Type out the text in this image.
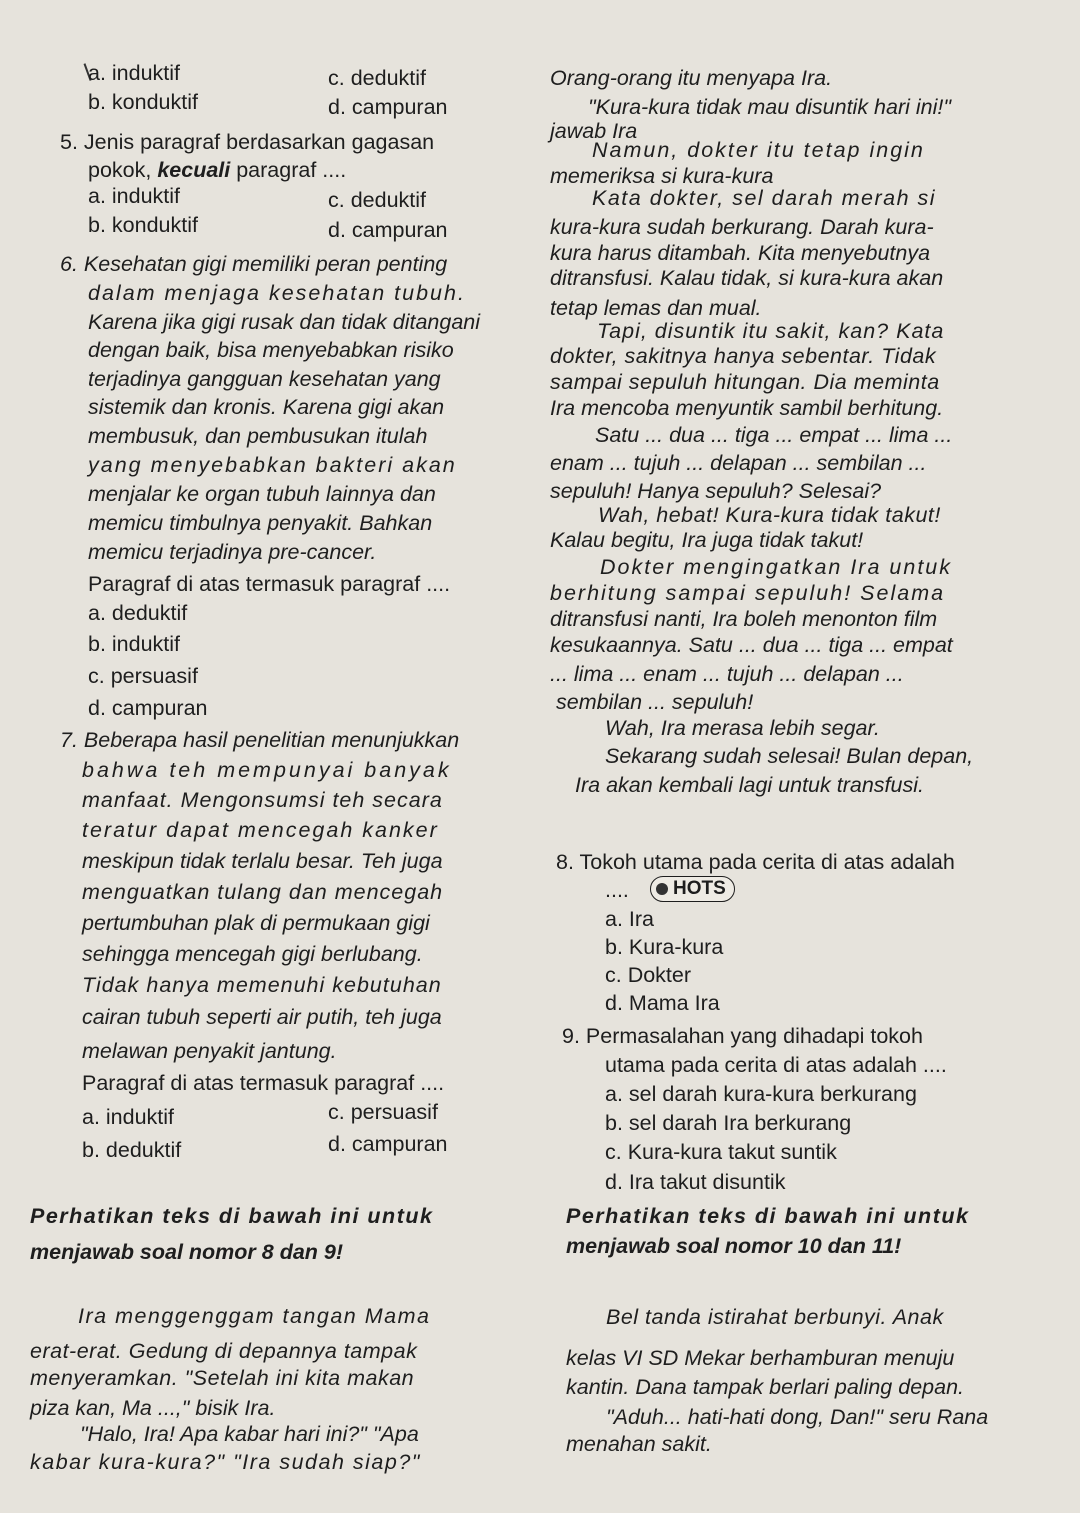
HOTS
a. induktif	c. deduktif
b. konduktif	d. campuran
5. Jenis paragraf berdasarkan gagasan
pokok, kecuali paragraf ....
a. induktif	c. deduktif
b. konduktif	d. campuran
6. Kesehatan gigi memiliki peran penting
dalam menjaga kesehatan tubuh.
Karena jika gigi rusak dan tidak ditangani
dengan baik, bisa menyebabkan risiko
terjadinya gangguan kesehatan yang
sistemik dan kronis. Karena gigi akan
membusuk, dan pembusukan itulah
yang menyebabkan bakteri akan
menjalar ke organ tubuh lainnya dan
memicu timbulnya penyakit. Bahkan
memicu terjadinya pre-cancer.
Paragraf di atas termasuk paragraf ....
a. deduktif
b. induktif
c. persuasif
d. campuran
7. Beberapa hasil penelitian menunjukkan
bahwa teh mempunyai banyak
manfaat. Mengonsumsi teh secara
teratur dapat mencegah kanker
meskipun tidak terlalu besar. Teh juga
menguatkan tulang dan mencegah
pertumbuhan plak di permukaan gigi
sehingga mencegah gigi berlubang.
Tidak hanya memenuhi kebutuhan
cairan tubuh seperti air putih, teh juga
melawan penyakit jantung.
Paragraf di atas termasuk paragraf ....
a. induktif	c. persuasif
b. deduktif	d. campuran
Perhatikan teks di bawah ini untuk
menjawab soal nomor 8 dan 9!
Ira menggenggam tangan Mama
erat-erat. Gedung di depannya tampak
menyeramkan. "Setelah ini kita makan
piza kan, Ma ...," bisik Ira.
"Halo, Ira! Apa kabar hari ini?" "Apa
kabar kura-kura?" "Ira sudah siap?"
Orang-orang itu menyapa Ira.
"Kura-kura tidak mau disuntik hari ini!"
jawab Ira
Namun, dokter itu tetap ingin
memeriksa si kura-kura
Kata dokter, sel darah merah si
kura-kura sudah berkurang. Darah kura-
kura harus ditambah. Kita menyebutnya
ditransfusi. Kalau tidak, si kura-kura akan
tetap lemas dan mual.
Tapi, disuntik itu sakit, kan? Kata
dokter, sakitnya hanya sebentar. Tidak
sampai sepuluh hitungan. Dia meminta
Ira mencoba menyuntik sambil berhitung.
Satu ... dua ... tiga ... empat ... lima ...
enam ... tujuh ... delapan ... sembilan ...
sepuluh! Hanya sepuluh? Selesai?
Wah, hebat! Kura-kura tidak takut!
Kalau begitu, Ira juga tidak takut!
Dokter mengingatkan Ira untuk
berhitung sampai sepuluh! Selama
ditransfusi nanti, Ira boleh menonton film
kesukaannya. Satu ... dua ... tiga ... empat
... lima ... enam ... tujuh ... delapan ...
sembilan ... sepuluh!
Wah, Ira merasa lebih segar.
Sekarang sudah selesai! Bulan depan,
Ira akan kembali lagi untuk transfusi.
8. Tokoh utama pada cerita di atas adalah
....
a. Ira
b. Kura-kura
c. Dokter
d. Mama Ira
9. Permasalahan yang dihadapi tokoh
utama pada cerita di atas adalah ....
a. sel darah kura-kura berkurang
b. sel darah Ira berkurang
c. Kura-kura takut suntik
d. Ira takut disuntik
Perhatikan teks di bawah ini untuk
menjawab soal nomor 10 dan 11!
Bel tanda istirahat berbunyi. Anak
kelas VI SD Mekar berhamburan menuju
kantin. Dana tampak berlari paling depan.
"Aduh... hati-hati dong, Dan!" seru Rana
menahan sakit.
